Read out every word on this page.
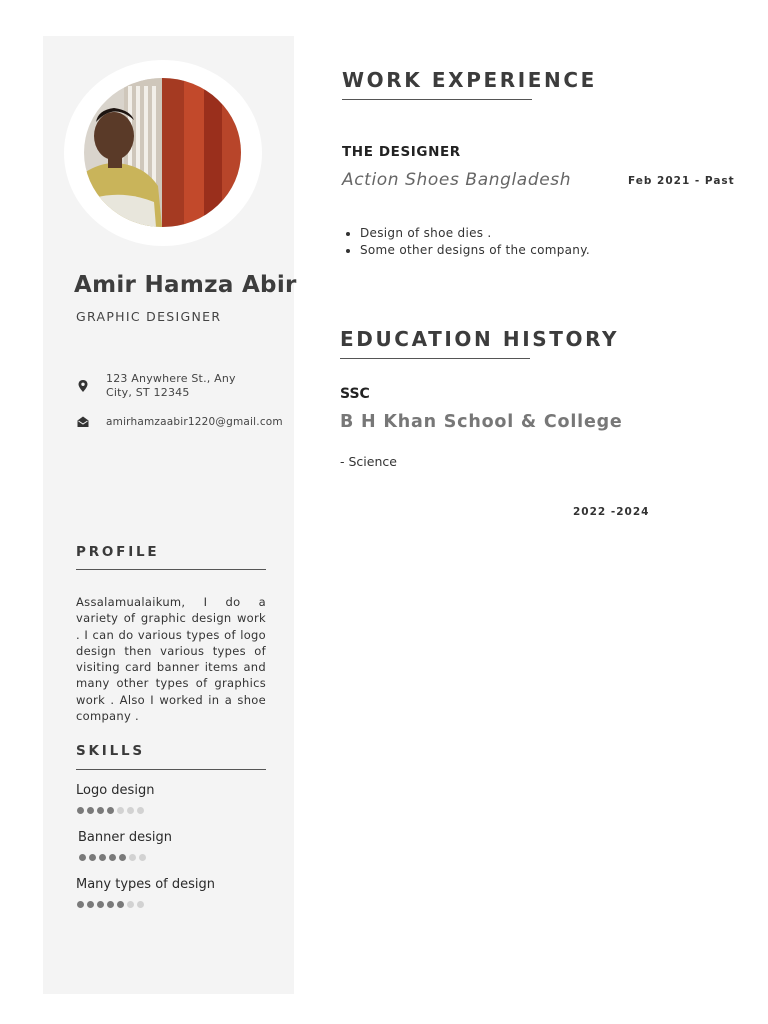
Amir Hamza Abir
GRAPHIC DESIGNER
123 Anywhere St., Any City, ST 12345
amirhamzaabir1220@gmail.com
PROFILE
Assalamualaikum, I do a variety of graphic design work . I can do various types of logo design then various types of visiting card banner items and many other types of graphics work . Also I worked in a shoe company .
SKILLS
Logo design
Banner design
Many types of design
WORK EXPERIENCE
THE DESIGNER
Action Shoes Bangladesh	Feb 2021 - Past
• Design of shoe dies .
• Some other designs of the company.
EDUCATION HISTORY
SSC
B H Khan School & College
- Science
2022 -2024
